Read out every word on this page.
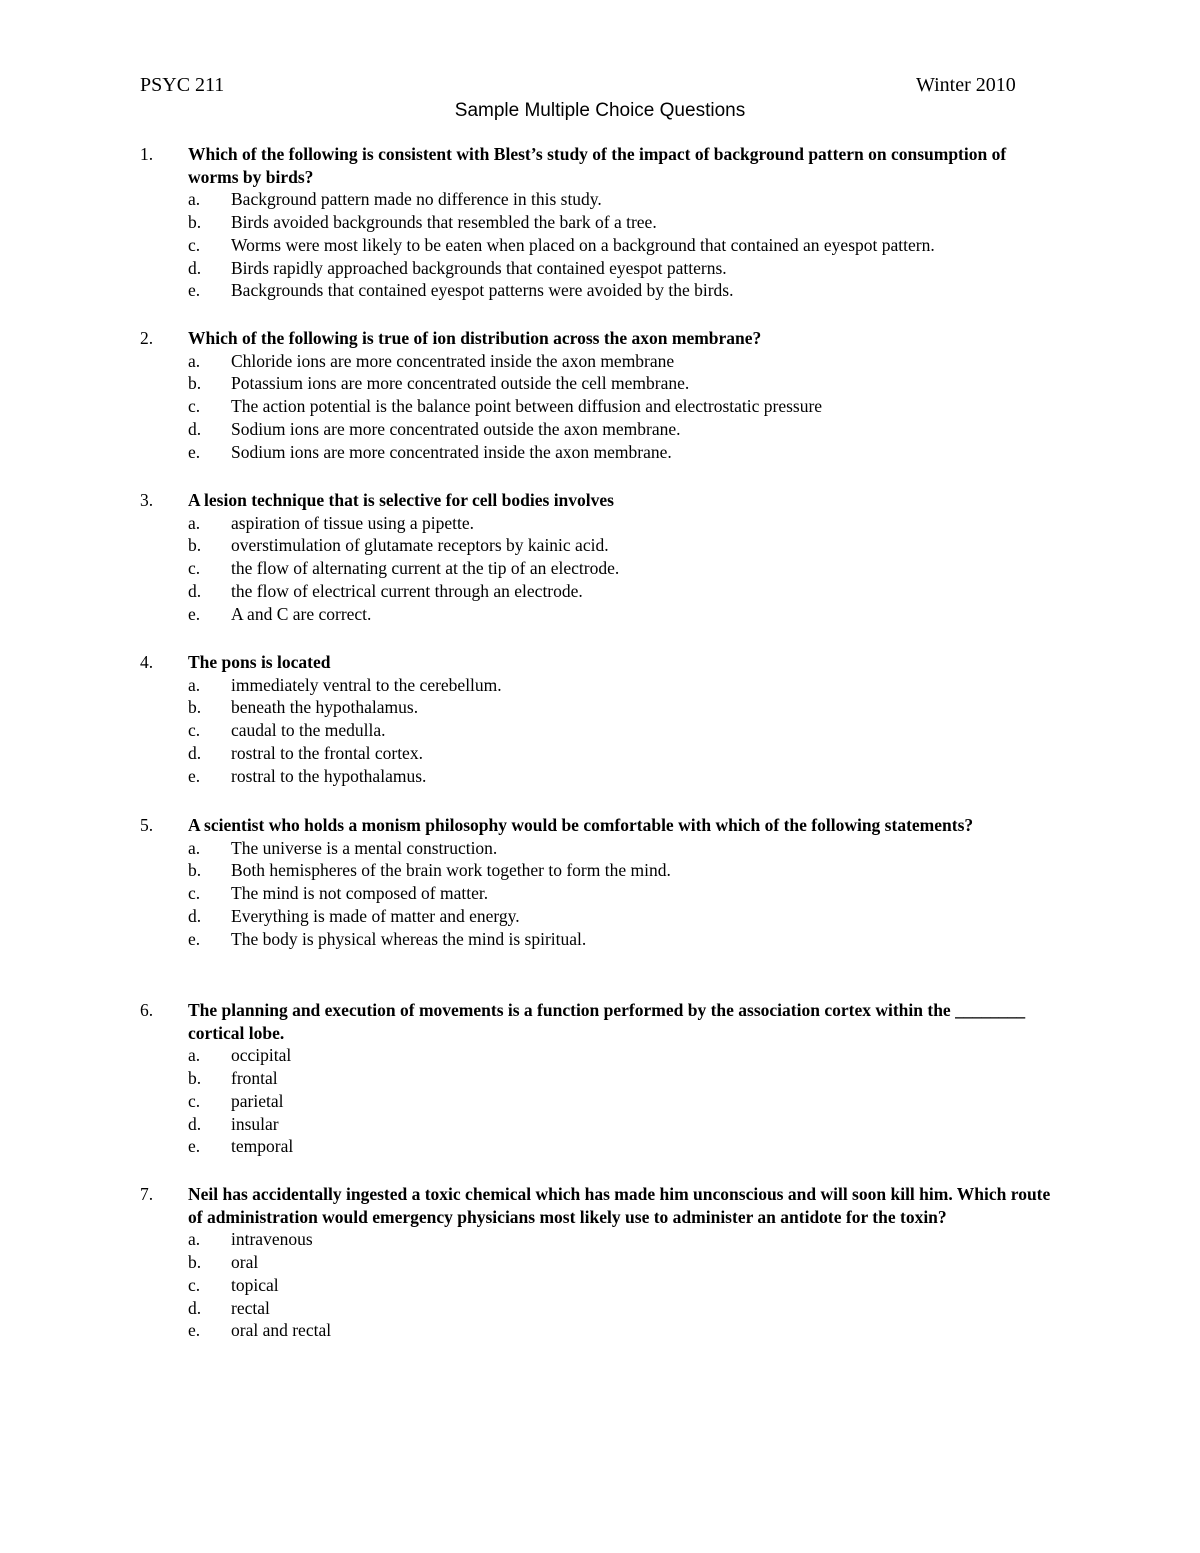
PSYC 211	Winter 2010
Sample Multiple Choice Questions
1. Which of the following is consistent with Blest’s study of the impact of background pattern on consumption of worms by birds?
a. Background pattern made no difference in this study.
b. Birds avoided backgrounds that resembled the bark of a tree.
c. Worms were most likely to be eaten when placed on a background that contained an eyespot pattern.
d. Birds rapidly approached backgrounds that contained eyespot patterns.
e. Backgrounds that contained eyespot patterns were avoided by the birds.
2. Which of the following is true of ion distribution across the axon membrane?
a. Chloride ions are more concentrated inside the axon membrane
b. Potassium ions are more concentrated outside the cell membrane.
c. The action potential is the balance point between diffusion and electrostatic pressure
d. Sodium ions are more concentrated outside the axon membrane.
e. Sodium ions are more concentrated inside the axon membrane.
3. A lesion technique that is selective for cell bodies involves
a. aspiration of tissue using a pipette.
b. overstimulation of glutamate receptors by kainic acid.
c. the flow of alternating current at the tip of an electrode.
d. the flow of electrical current through an electrode.
e. A and C are correct.
4. The pons is located
a. immediately ventral to the cerebellum.
b. beneath the hypothalamus.
c. caudal to the medulla.
d. rostral to the frontal cortex.
e. rostral to the hypothalamus.
5. A scientist who holds a monism philosophy would be comfortable with which of the following statements?
a. The universe is a mental construction.
b. Both hemispheres of the brain work together to form the mind.
c. The mind is not composed of matter.
d. Everything is made of matter and energy.
e. The body is physical whereas the mind is spiritual.
6. The planning and execution of movements is a function performed by the association cortex within the ________ cortical lobe.
a. occipital
b. frontal
c. parietal
d. insular
e. temporal
7. Neil has accidentally ingested a toxic chemical which has made him unconscious and will soon kill him. Which route of administration would emergency physicians most likely use to administer an antidote for the toxin?
a. intravenous
b. oral
c. topical
d. rectal
e. oral and rectal
